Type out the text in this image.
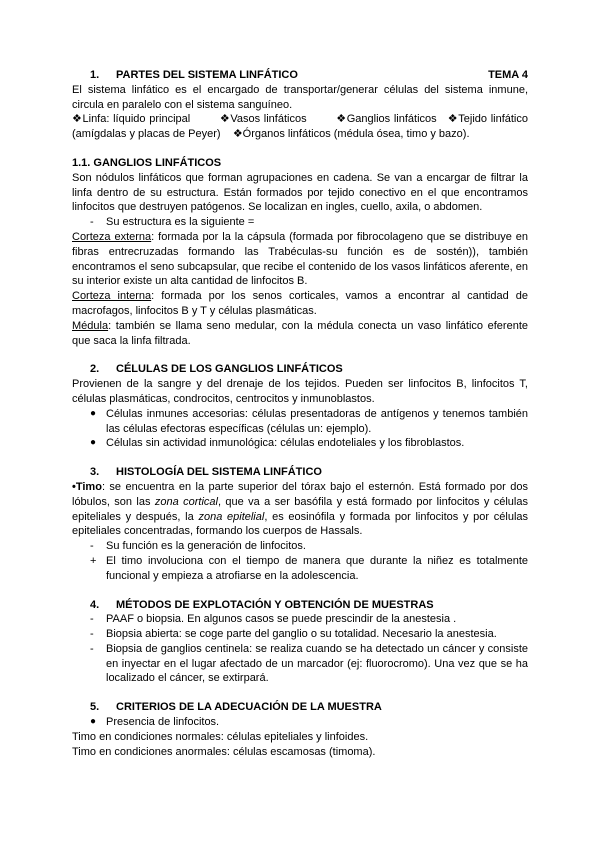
TEMA 4
1. PARTES DEL SISTEMA LINFÁTICO

El sistema linfático es el encargado de transportar/generar células del sistema inmune, circula en paralelo con el sistema sanguíneo.

❖Linfa: líquido principal	❖Vasos linfáticos	❖Ganglios linfáticos ❖Tejido linfático (amígdalas y placas de Peyer) ❖Órganos linfáticos (médula ósea, timo y bazo).

1.1. GANGLIOS LINFÁTICOS

Son nódulos linfáticos que forman agrupaciones en cadena. Se van a encargar de filtrar la linfa dentro de su estructura. Están formados por tejido conectivo en el que encontramos linfocitos que destruyen patógenos. Se localizan en ingles, cuello, axila, o abdomen.

- Su estructura es la siguiente =

Corteza externa: formada por la la cápsula (formada por fibrocolageno que se distribuye en fibras entrecruzadas formando las Trabéculas-su función es de sostén)), también encontramos el seno subcapsular, que recibe el contenido de los vasos linfáticos aferente, en su interior existe un alta cantidad de linfocitos B.

Corteza interna: formada por los senos corticales, vamos a encontrar al cantidad de macrofagos, linfocitos B y T y células plasmáticas.

Médula: también se llama seno medular, con la médula conecta un vaso linfático eferente que saca la linfa filtrada.

2. CÉLULAS DE LOS GANGLIOS LINFÁTICOS

Provienen de la sangre y del drenaje de los tejidos. Pueden ser linfocitos B, linfocitos T, células plasmáticas, condrocitos, centrocitos y inmunoblastos.

● Células inmunes accesorias: células presentadoras de antígenos y tenemos también las células efectoras específicas (células un: ejemplo).
● Células sin actividad inmunológica: células endoteliales y los fibroblastos.
3. HISTOLOGÍA DEL SISTEMA LINFÁTICO

•Timo: se encuentra en la parte superior del tórax bajo el esternón. Está formado por dos lóbulos, son las zona cortical, que va a ser basófila y está formado por linfocitos y células epiteliales y después, la zona epitelial, es eosinófila y formada por linfocitos y por células epiteliales concentradas, formando los cuerpos de Hassals.

- Su función es la generación de linfocitos.
+ El timo involuciona con el tiempo de manera que durante la niñez es totalmente funcional y empieza a atrofiarse en la adolescencia.
4. MÉTODOS DE EXPLOTACIÓN Y OBTENCIÓN DE MUESTRAS
- PAAF o biopsia. En algunos casos se puede prescindir de la anestesia .
- Biopsia abierta: se coge parte del ganglio o su totalidad. Necesario la anestesia.
- Biopsia de ganglios centinela: se realiza cuando se ha detectado un cáncer y consiste en inyectar en el lugar afectado de un marcador (ej: fluorocromo). Una vez que se ha localizado el cáncer, se extirpará.
5. CRITERIOS DE LA ADECUACIÓN DE LA MUESTRA
● Presencia de linfocitos.

Timo en condiciones normales: células epiteliales y linfoides.

Timo en condiciones anormales: células escamosas (timoma).
